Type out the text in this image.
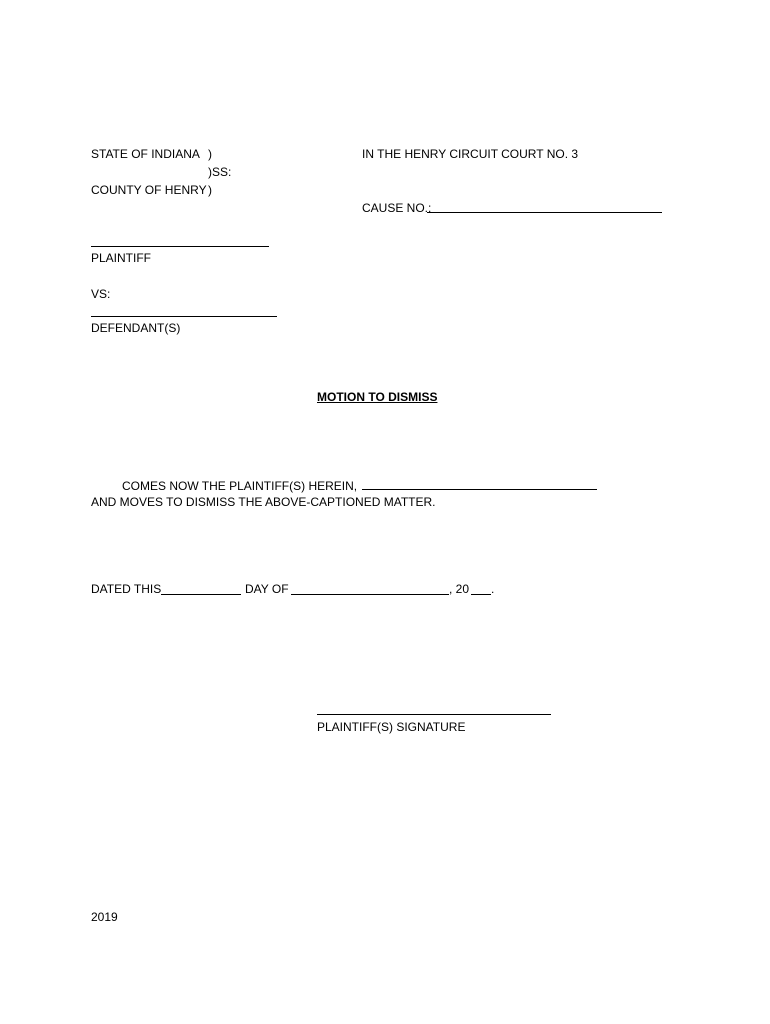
STATE OF INDIANA )
)SS:
COUNTY OF HENRY )
IN THE HENRY CIRCUIT COURT NO. 3
CAUSE NO.:
PLAINTIFF
VS:
DEFENDANT(S)
MOTION TO DISMISS
COMES NOW THE PLAINTIFF(S) HEREIN,
AND MOVES TO DISMISS THE ABOVE-CAPTIONED MATTER.
DATED THIS	DAY OF	, 20 .
PLAINTIFF(S) SIGNATURE
2019
